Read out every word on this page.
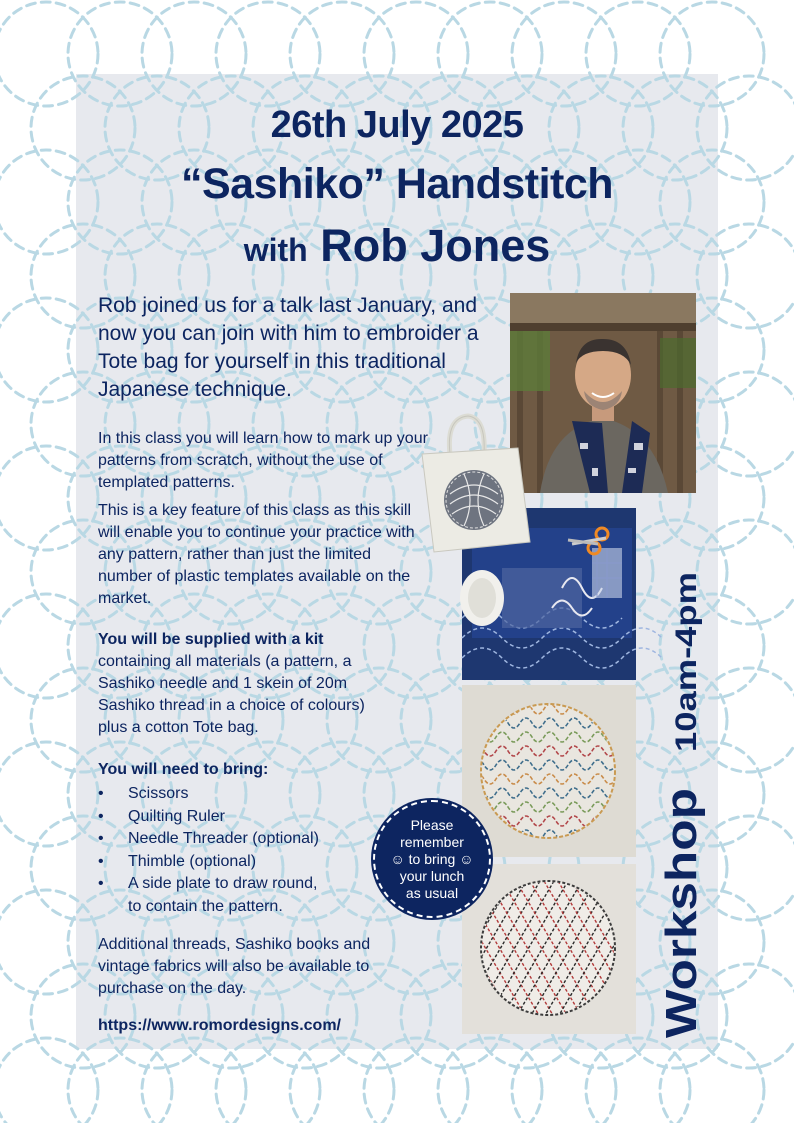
26th July 2025
“Sashiko” Handstitch
with Rob Jones

Rob joined us for a talk last January, and now you can join with him to embroider a Tote bag for yourself in this traditional Japanese technique.

In this class you will learn how to mark up your patterns from scratch, without the use of templated patterns.

This is a key feature of this class as this skill will enable you to continue your practice with any pattern, rather than just the limited number of plastic templates available on the market.

You will be supplied with a kit containing all materials (a pattern, a Sashiko needle and 1 skein of 20m Sashiko thread in a choice of colours) plus a cotton Tote bag.

You will need to bring:

• Scissors
• Quilting Ruler
• Needle Threader (optional)
• Thimble (optional)
• A side plate to draw round,
to contain the pattern.

Additional threads, Sashiko books and vintage fabrics will also be available to purchase on the day.

https://www.romordesigns.com/	Workshop
10am-4pm
Please
remember
☺ to bring ☺
your lunch
as usual
